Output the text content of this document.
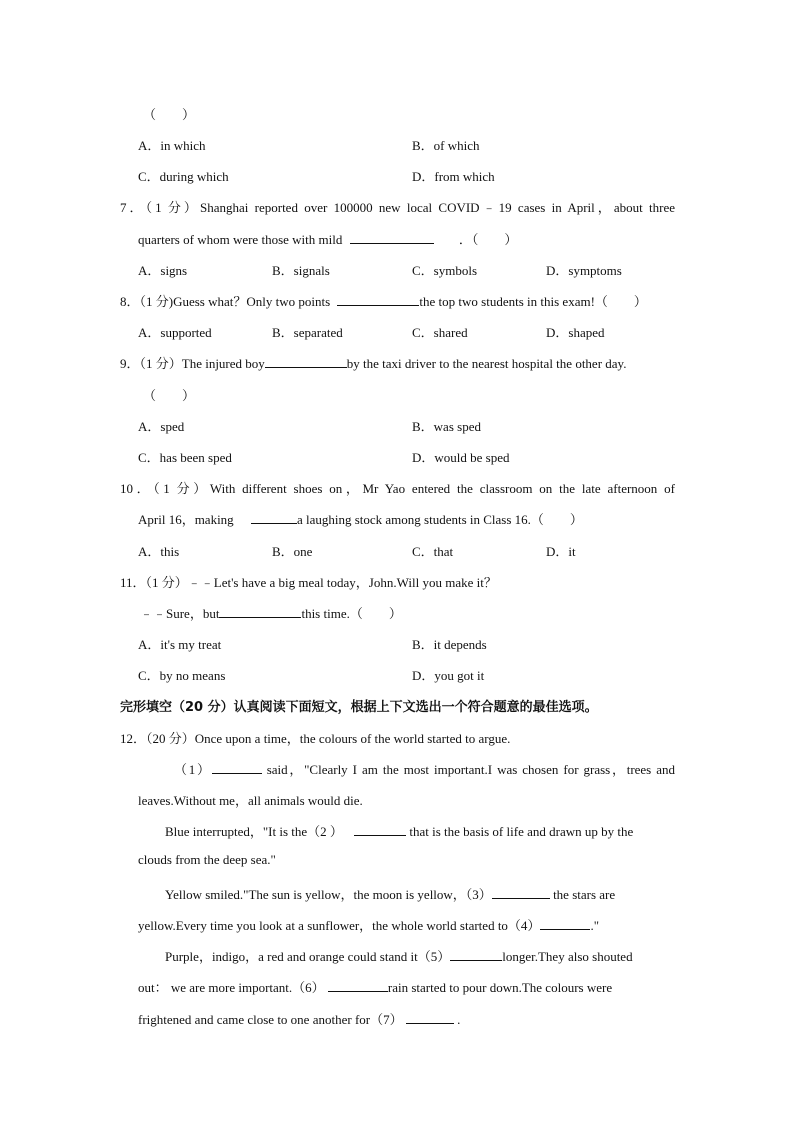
（　　）
A．in which	B．of which
C．during which	D．from which
7．（1 分）Shanghai reported over 100000 new local COVID﹣19 cases in April，about three
quarters of whom were those with mild	．（　　）
A．signs	B．signals	C．symbols	D．symptoms
8．（1 分)Guess what？Only two points	the top two students in this exam!（　　）
A．supported	B．separated	C．shared	D．shaped
9．（1 分）The injured boy	by the taxi driver to the nearest hospital the other day.
（　　）
A．sped	B．was sped
C．has been sped	D．would be sped
10．（1 分）With different shoes on，Mr Yao entered the classroom on the late afternoon of
April 16，making	a laughing stock among students in Class 16.（　　）
A．this	B．one	C．that	D．it
11．（1 分）﹣﹣Let's have a big meal today，John.Will you make it？
﹣﹣Sure，but	this time.（　　）
A．it's my treat	B．it depends
C．by no means	D．you got it
完形填空（20 分）认真阅读下面短文，根据上下文选出一个符合题意的最佳选项。
12．（20 分）Once upon a time，the colours of the world started to argue.
（1）	said，"Clearly I am the most important.I was chosen for grass，trees and
leaves.Without me，all animals would die.
Blue interrupted，"It is the（2 ）	that is the basis of life and drawn up by the
clouds from the deep sea."
Yellow smiled."The sun is yellow，the moon is yellow，（3）	the stars are
yellow.Every time you look at a sunflower，the whole world started to（4）	."
Purple，indigo，a red and orange could stand it（5）	longer.They also shouted
out： we are more important.（6）	rain started to pour down.The colours were
frightened and came close to one another for（7）	.
